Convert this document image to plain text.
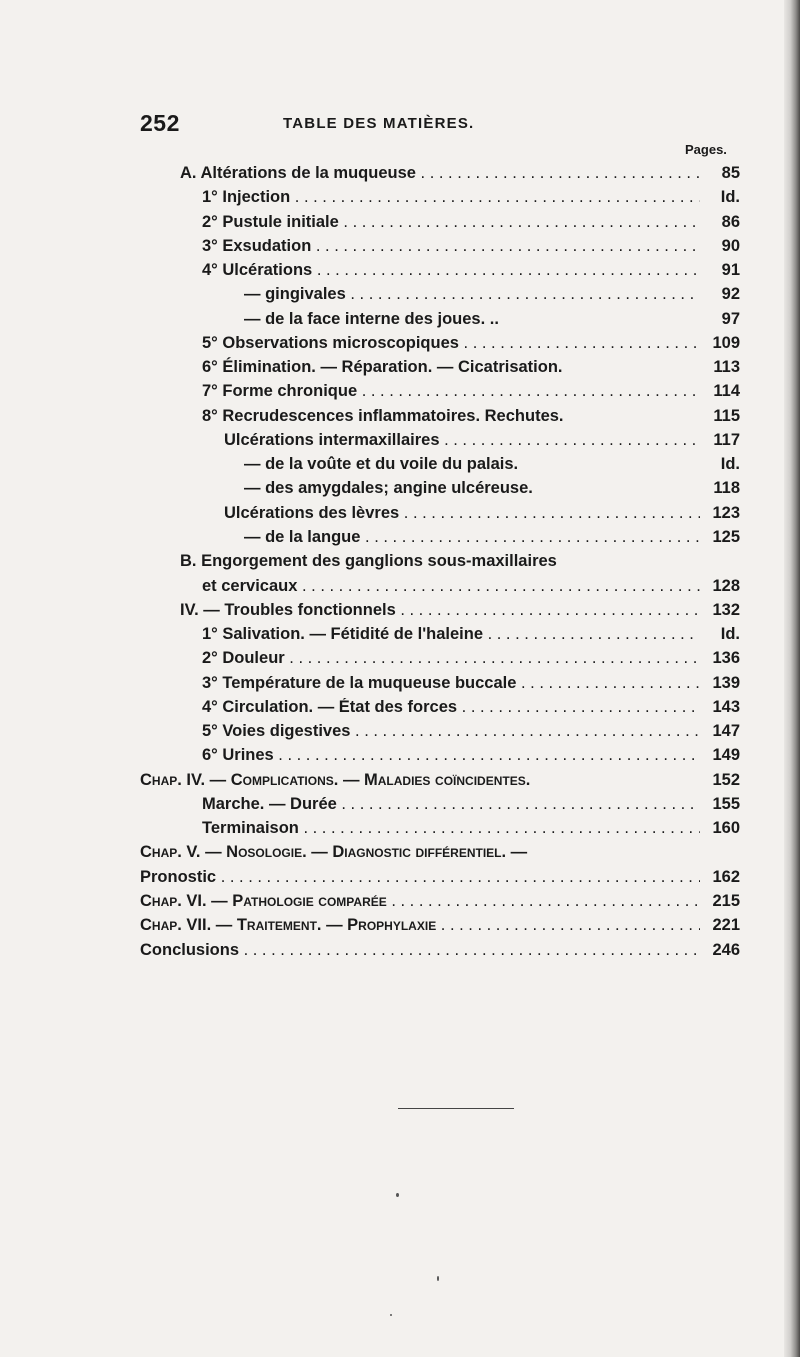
252	TABLE DES MATIÈRES.
Pages.
A. Altérations de la muqueuse . . .	85
1° Injection . . .	Id.
2° Pustule initiale . . .	86
3° Exsudation . . .	90
4° Ulcérations . . .	91
— gingivales . . .	92
— de la face interne des joues. ..	97
5° Observations microscopiques . . .	109
6° Élimination. — Réparation. — Cicatrisation.	113
7° Forme chronique . . .	114
8° Recrudescences inflammatoires. Rechutes.	115
Ulcérations intermaxillaires . . .	117
— de la voûte et du voile du palais.	Id.
— des amygdales; angine ulcéreuse.	118
Ulcérations des lèvres . . .	123
— de la langue . . .	125
B. Engorgement des ganglions sous-maxillaires
et cervicaux . . .	128
IV. — Troubles fonctionnels . . .	132
1° Salivation. — Fétidité de l'haleine . . .	Id.
2° Douleur . . .	136
3° Température de la muqueuse buccale . . .	139
4° Circulation. — État des forces . . .	143
5° Voies digestives . . .	147
6° Urines . . .	149
Chap. IV. — Complications. — Maladies coïncidentes.	152
Marche. — Durée . . .	155
Terminaison . . .	160
Chap. V. — Nosologie. — Diagnostic différentiel. —
Pronostic . . .	162
Chap. VI. — Pathologie comparée . . .	215
Chap. VII. — Traitement. — Prophylaxie . . .	221
Conclusions . . .	246
